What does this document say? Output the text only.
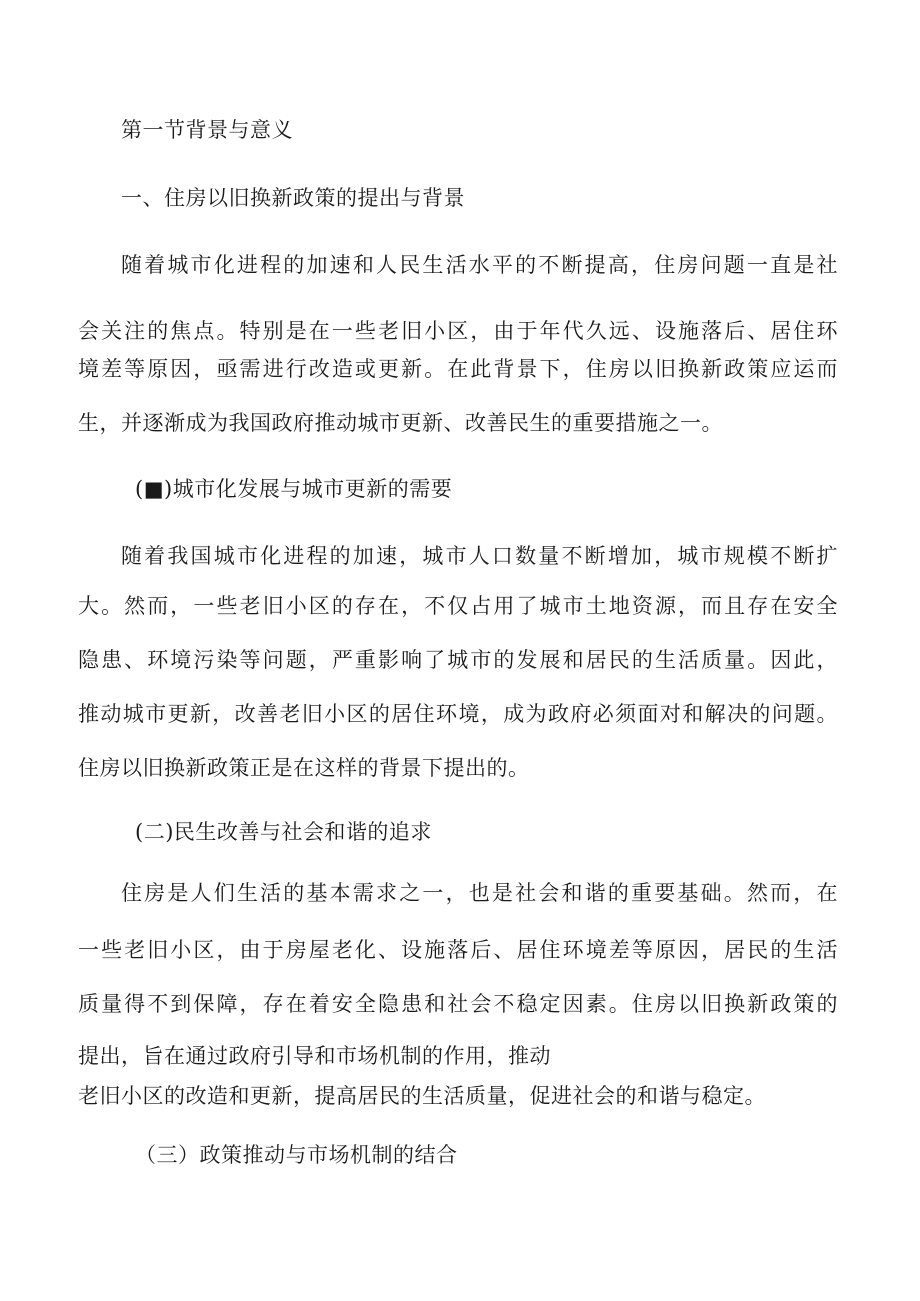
第一节背景与意义
一、住房以旧换新政策的提出与背景
随着城市化进程的加速和人民生活水平的不断提高，住房问题一直是社
会关注的焦点。特别是在一些老旧小区，由于年代久远、设施落后、居住环
境差等原因，亟需进行改造或更新。在此背景下，住房以旧换新政策应运而
生，并逐渐成为我国政府推动城市更新、改善民生的重要措施之一。
(■)城市化发展与城市更新的需要
随着我国城市化进程的加速，城市人口数量不断增加，城市规模不断扩
大。然而，一些老旧小区的存在，不仅占用了城市土地资源，而且存在安全
隐患、环境污染等问题，严重影响了城市的发展和居民的生活质量。因此，
推动城市更新，改善老旧小区的居住环境，成为政府必须面对和解决的问题。
住房以旧换新政策正是在这样的背景下提出的。
(二)民生改善与社会和谐的追求
住房是人们生活的基本需求之一，也是社会和谐的重要基础。然而，在
一些老旧小区，由于房屋老化、设施落后、居住环境差等原因，居民的生活
质量得不到保障，存在着安全隐患和社会不稳定因素。住房以旧换新政策的
提出，旨在通过政府引导和市场机制的作用，推动
老旧小区的改造和更新，提高居民的生活质量，促进社会的和谐与稳定。
（三）政策推动与市场机制的结合
